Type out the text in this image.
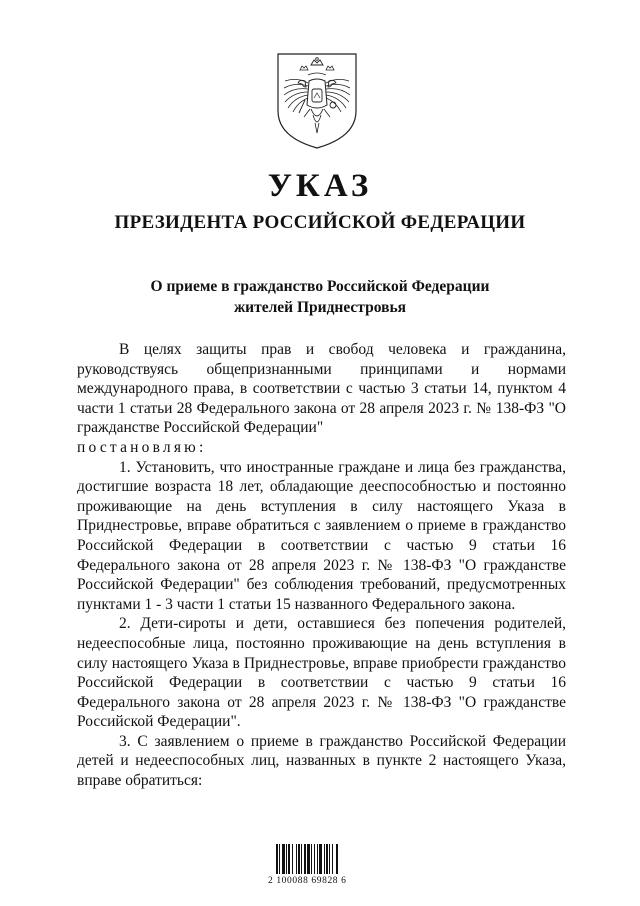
УКАЗ
ПРЕЗИДЕНТА РОССИЙСКОЙ ФЕДЕРАЦИИ
О приеме в гражданство Российской Федерации
жителей Приднестровья

В целях защиты прав и свобод человека и гражданина, руководствуясь общепризнанными принципами и нормами международного права, в соответствии с частью 3 статьи 14, пунктом 4 части 1 статьи 28 Федерального закона от 28 апреля 2023 г. № 138-ФЗ "О гражданстве Российской Федерации"

постановляю:

1. Установить, что иностранные граждане и лица без гражданства, достигшие возраста 18 лет, обладающие дееспособностью и постоянно проживающие на день вступления в силу настоящего Указа в Приднестровье, вправе обратиться с заявлением о приеме в гражданство Российской Федерации в соответствии с частью 9 статьи 16 Федерального закона от 28 апреля 2023 г. № 138-ФЗ "О гражданстве Российской Федерации" без соблюдения требований, предусмотренных пунктами 1 - 3 части 1 статьи 15 названного Федерального закона.

2. Дети-сироты и дети, оставшиеся без попечения родителей, недееспособные лица, постоянно проживающие на день вступления в силу настоящего Указа в Приднестровье, вправе приобрести гражданство Российской Федерации в соответствии с частью 9 статьи 16 Федерального закона от 28 апреля 2023 г. № 138-ФЗ "О гражданстве Российской Федерации".

3. С заявлением о приеме в гражданство Российской Федерации детей и недееспособных лиц, названных в пункте 2 настоящего Указа, вправе обратиться:

2 100088 69828 6
